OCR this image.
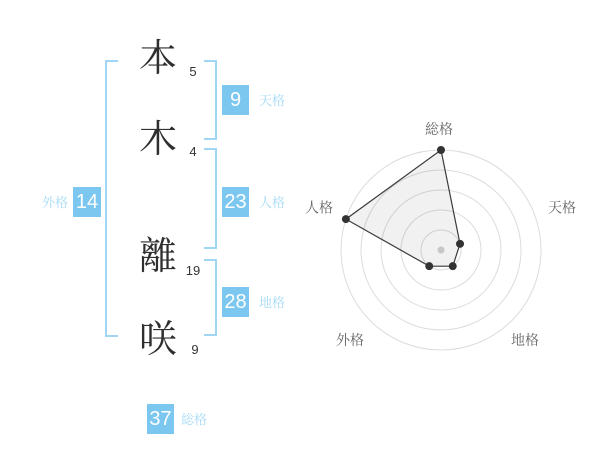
本
木
離
咲
5
4
19
9
9	天格
23 人格
28 地格
14
外格
37 総格
総格
天格
地格
外格
人格
